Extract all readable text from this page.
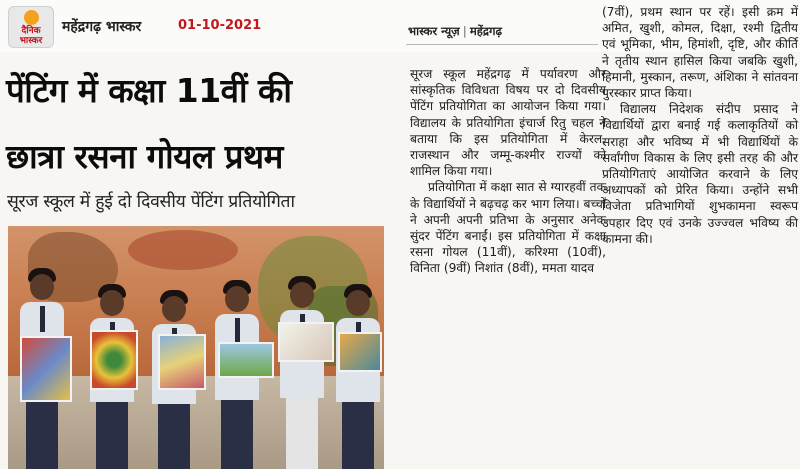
दैनिक भास्कर
महेंद्रगढ़ भास्कर	01-10-2021
पेंटिंग में कक्षा 11वीं की
छात्रा रसना गोयल प्रथम
सूरज स्कूल में हुई दो दिवसीय पेंटिंग प्रतियोगिता
भास्कर न्यूज़ | महेंद्रगढ़

सूरज स्कूल महेंद्रगढ़ में पर्यावरण और सांस्कृतिक विविधता विषय पर दो दिवसीय पेंटिंग प्रतियोगिता का आयोजन किया गया। विद्यालय के प्रतियोगिता इंचार्ज रितु चहल ने बताया कि इस प्रतियोगिता में केरल, राजस्थान और जम्मू-कश्मीर राज्यों को शामिल किया गया।

प्रतियोगिता में कक्षा सात से ग्यारहवीं तक के विद्यार्थियों ने बढ़चढ़ कर भाग लिया। बच्चों ने अपनी अपनी प्रतिभा के अनुसार अनेक सुंदर पेंटिंग बनाईं। इस प्रतियोगिता में कक्षा रसना गोयल (11वीं), करिश्मा (10वीं), विनिता (9वीं) निशांत (8वीं), ममता यादव

(7वीं), प्रथम स्थान पर रहें। इसी क्रम में अमित, खुशी, कोमल, दिक्षा, रश्मी द्वितीय एवं भूमिका, भीम, हिमांशी, दृष्टि, और कीर्ति ने तृतीय स्थान हासिल किया जबकि खुशी, हिमानी, मुस्कान, तरूण, अंशिका ने सांतवना पुरस्कार प्राप्त किया।

विद्यालय निदेशक संदीप प्रसाद ने विद्यार्थियों द्वारा बनाई गई कलाकृतियों को सराहा और भविष्य में भी विद्यार्थियों के सर्वांगीण विकास के लिए इसी तरह की और प्रतियोगिताएं आयोजित करवाने के लिए अध्यापकों को प्रेरित किया। उन्होंने सभी विजेता प्रतिभागियों शुभकामना स्वरूप उपहार दिए एवं उनके उज्ज्वल भविष्य की कामना की।
